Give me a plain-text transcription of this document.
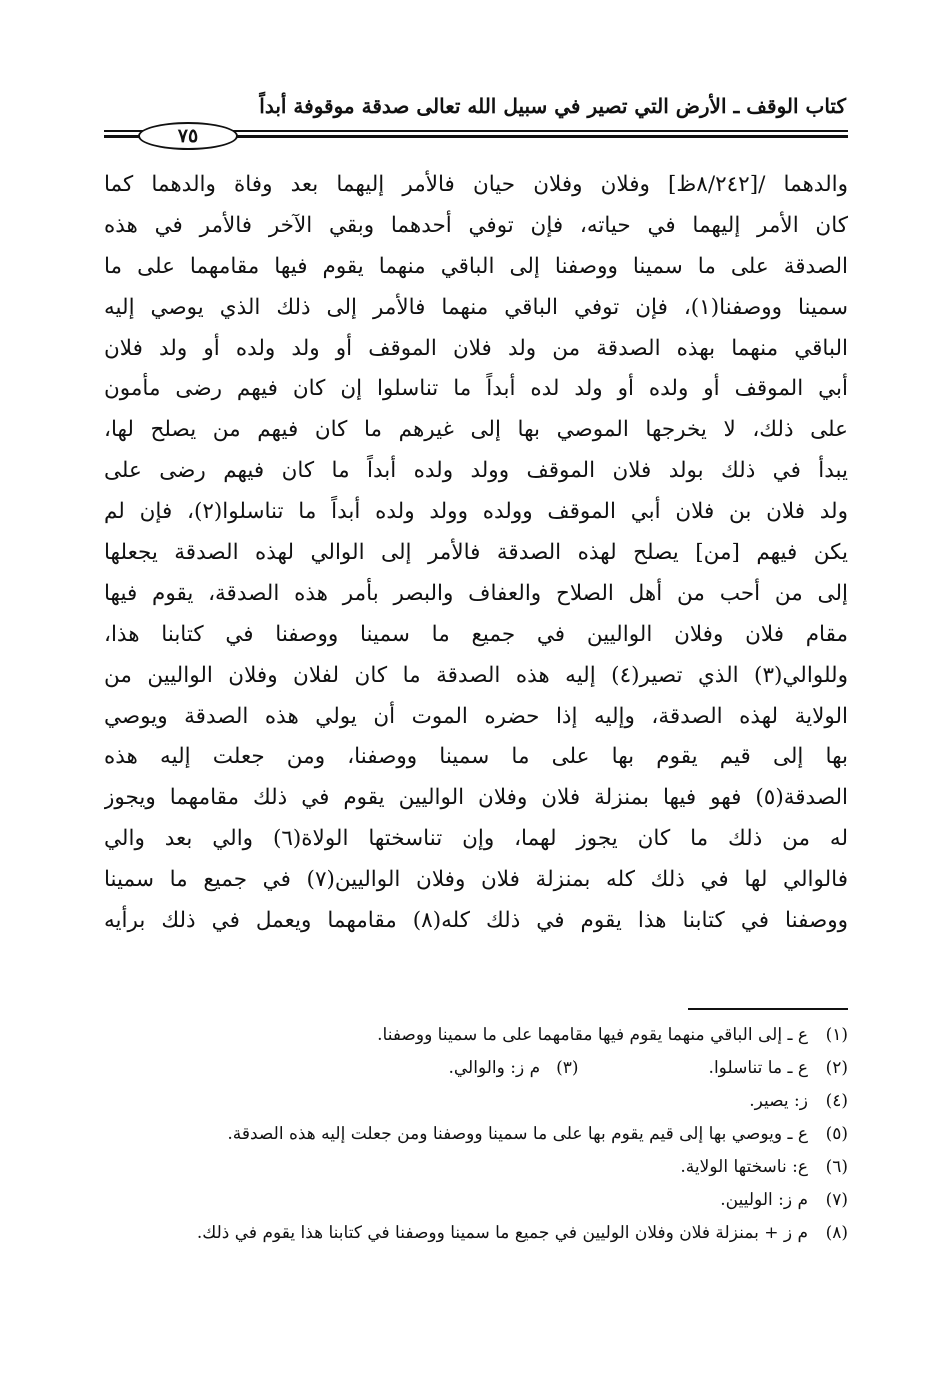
كتاب الوقف ـ الأرض التي تصير في سبيل الله تعالى صدقة موقوفة أبداً
٧٥
والدهما /[٨/٢٤٢ظ] وفلان وفلان حيان فالأمر إليهما بعد وفاة والدهما كما
كان الأمر إليهما في حياته، فإن توفي أحدهما وبقي الآخر فالأمر في هذه
الصدقة على ما سمينا ووصفنا إلى الباقي منهما يقوم فيها مقامهما على ما
سمينا ووصفنا(١)، فإن توفي الباقي منهما فالأمر إلى ذلك الذي يوصي إليه
الباقي منهما بهذه الصدقة من ولد فلان الموقف أو ولد ولده أو ولد فلان
أبي الموقف أو ولده أو ولد لده أبداً ما تناسلوا إن كان فيهم رضى مأمون
على ذلك، لا يخرجها الموصي بها إلى غيرهم ما كان فيهم من يصلح لها،
يبدأ في ذلك بولد فلان الموقف وولد ولده أبداً ما كان فيهم رضى على
ولد فلان بن فلان أبي الموقف وولده وولد ولده أبداً ما تناسلوا(٢)، فإن لم
يكن فيهم [من] يصلح لهذه الصدقة فالأمر إلى الوالي لهذه الصدقة يجعلها
إلى من أحب من أهل الصلاح والعفاف والبصر بأمر هذه الصدقة، يقوم فيها
مقام فلان وفلان الواليين في جميع ما سمينا ووصفنا في كتابنا هذا،
وللوالي(٣) الذي تصير(٤) إليه هذه الصدقة ما كان لفلان وفلان الواليين من
الولاية لهذه الصدقة، وإليه إذا حضره الموت أن يولي هذه الصدقة ويوصي
بها إلى قيم يقوم بها على ما سمينا ووصفنا، ومن جعلت إليه هذه
الصدقة(٥) فهو فيها بمنزلة فلان وفلان الواليين يقوم في ذلك مقامهما ويجوز
له من ذلك ما كان يجوز لهما، وإن تناسختها الولاة(٦) والي بعد والي
فالوالي لها في ذلك كله بمنزلة فلان وفلان الواليين(٧) في جميع ما سمينا
ووصفنا في كتابنا هذا يقوم في ذلك كله(٨) مقامهما ويعمل في ذلك برأيه
(١)
ع ـ إلى الباقي منهما يقوم فيها مقامهما على ما سمينا ووصفنا.
(٢)
ع ـ ما تناسلوا.
(٣)
م ز: والوالي.
(٤)
ز: يصير.
(٥)
ع ـ ويوصي بها إلى قيم يقوم بها على ما سمينا ووصفنا ومن جعلت إليه هذه الصدقة.
(٦)
ع: ناسختها الولاية.
(٧)
م ز: الوليين.
(٨)
م ز + بمنزلة فلان وفلان الوليين في جميع ما سمينا ووصفنا في كتابنا هذا يقوم في ذلك.
